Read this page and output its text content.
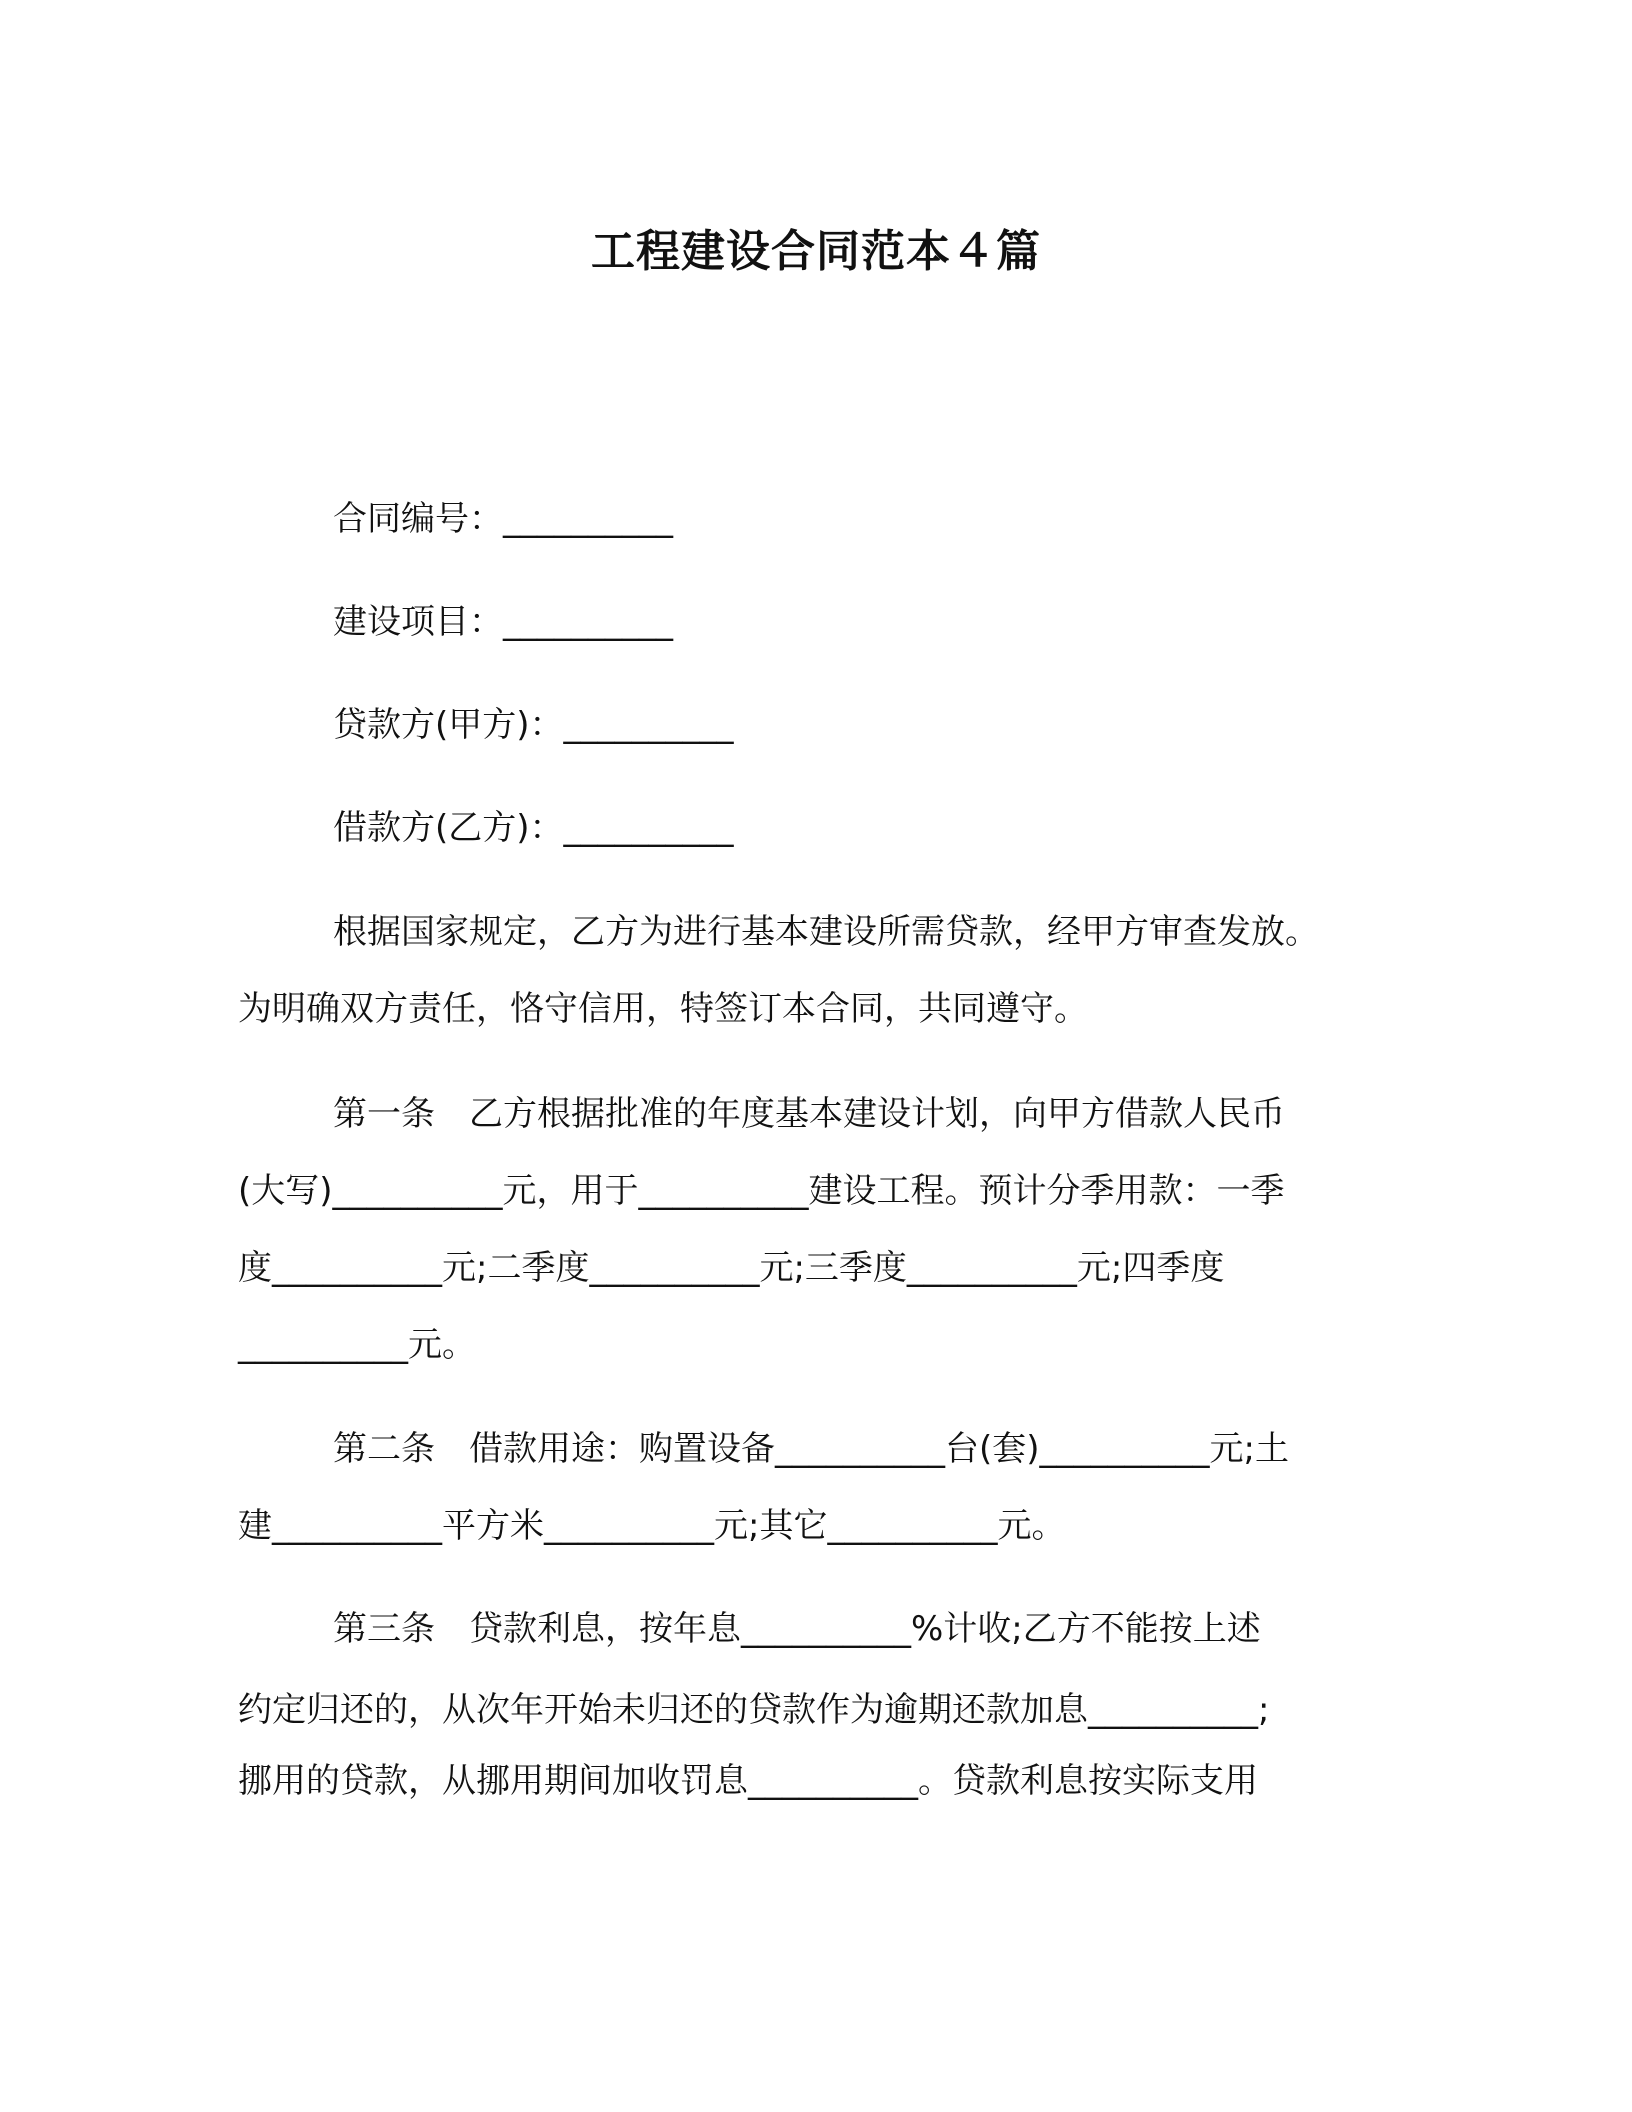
工程建设合同范本４篇
合同编号：__________
建设项目：__________
贷款方(甲方)：__________
借款方(乙方)：__________
根据国家规定，乙方为进行基本建设所需贷款，经甲方审查发放。
为明确双方责任，恪守信用，特签订本合同，共同遵守。
第一条　乙方根据批准的年度基本建设计划，向甲方借款人民币
(大写)__________元，用于__________建设工程。预计分季用款：一季
度__________元;二季度__________元;三季度__________元;四季度
__________元。
第二条　借款用途：购置设备__________台(套)__________元;土
建__________平方米__________元;其它__________元。
第三条　贷款利息，按年息__________%计收;乙方不能按上述
约定归还的，从次年开始未归还的贷款作为逾期还款加息__________;
挪用的贷款，从挪用期间加收罚息__________。贷款利息按实际支用
